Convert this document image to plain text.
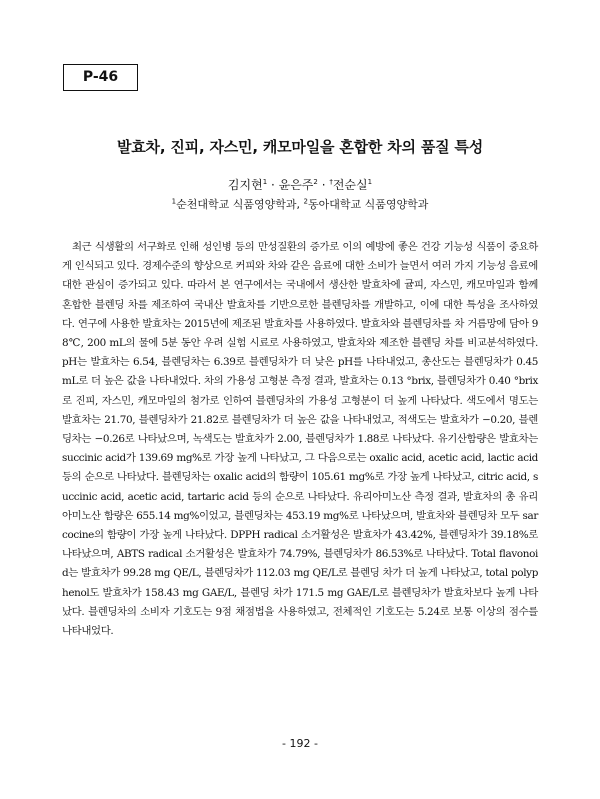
P-46
발효차, 진피, 자스민, 캐모마일을 혼합한 차의 품질 특성
김지현$^1$ · 윤은주$^2$ · †전순실$^1$
$^1$순천대학교 식품영양학과, $^2$동아대학교 식품영양학과

최근 식생활의 서구화로 인해 성인병 등의 만성질환의 증가로 이의 예방에 좋은 건강 기능성 식품이 중요하게 인식되고 있다. 경제수준의 향상으로 커피와 차와 같은 음료에 대한 소비가 늘면서 여러 가지 기능성 음료에 대한 관심이 증가되고 있다. 따라서 본 연구에서는 국내에서 생산한 발효차에 귤피, 자스민, 캐모마일과 함께 혼합한 블렌딩 차를 제조하여 국내산 발효차를 기반으로한 블렌딩차를 개발하고, 이에 대한 특성을 조사하였다. 연구에 사용한 발효차는 2015년에 제조된 발효차를 사용하였다. 발효차와 블렌딩차를 차 거름망에 담아 98℃, 200 mL의 물에 5분 동안 우려 실험 시료로 사용하였고, 발효차와 제조한 블렌딩 차를 비교분석하였다. pH는 발효차는 6.54, 블렌딩차는 6.39로 블렌딩차가 더 낮은 pH를 나타내었고, 총산도는 블렌딩차가 0.45 mL로 더 높은 값을 나타내었다. 차의 가용성 고형분 측정 결과, 발효차는 0.13 °brix, 블렌딩차가 0.40 °brix로 진피, 자스민, 캐모마일의 첨가로 인하여 블렌딩차의 가용성 고형분이 더 높게 나타났다. 색도에서 명도는 발효차는 21.70, 블렌딩차가 21.82로 블렌딩차가 더 높은 값을 나타내었고, 적색도는 발효차가 −0.20, 블렌딩차는 −0.26로 나타났으며, 녹색도는 발효차가 2.00, 블렌딩차가 1.88로 나타났다. 유기산함량은 발효차는 succinic acid가 139.69 mg%로 가장 높게 나타났고, 그 다음으로는 oxalic acid, acetic acid, lactic acid 등의 순으로 나타났다. 블렌딩차는 oxalic acid의 함량이 105.61 mg%로 가장 높게 나타났고, citric acid, succinic acid, acetic acid, tartaric acid 등의 순으로 나타났다. 유리아미노산 측정 결과, 발효차의 총 유리아미노산 함량은 655.14 mg%이었고, 블렌딩차는 453.19 mg%로 나타났으며, 발효차와 블렌딩차 모두 sarcocine의 함량이 가장 높게 나타났다. DPPH radical 소거활성은 발효차가 43.42%, 블렌딩차가 39.18%로 나타났으며, ABTS radical 소거활성은 발효차가 74.79%, 블렌딩차가 86.53%로 나타났다. Total flavonoid는 발효차가 99.28 mg QE/L, 블렌딩차가 112.03 mg QE/L로 블렌딩 차가 더 높게 나타났고, total polyphenol도 발효차가 158.43 mg GAE/L, 블렌딩 차가 171.5 mg GAE/L로 블렌딩차가 발효차보다 높게 나타났다. 블렌딩차의 소비자 기호도는 9점 채점법을 사용하였고, 전체적인 기호도는 5.24로 보통 이상의 점수를 나타내었다.

- 192 -
